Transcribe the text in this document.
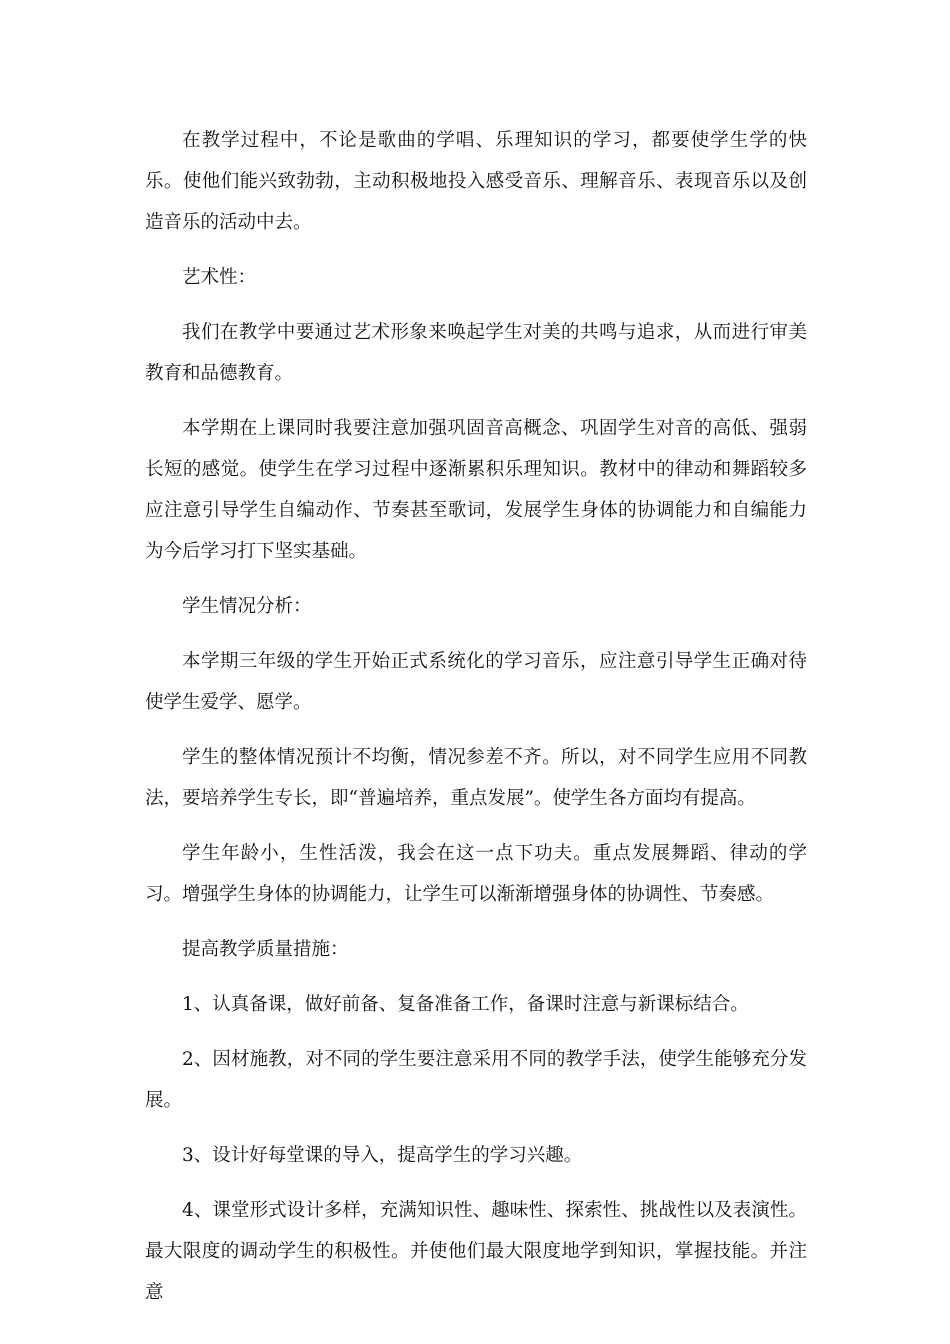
在教学过程中，不论是歌曲的学唱、乐理知识的学习，都要使学生学的快乐。使他们能兴致勃勃，主动积极地投入感受音乐、理解音乐、表现音乐以及创造音乐的活动中去。

艺术性：

我们在教学中要通过艺术形象来唤起学生对美的共鸣与追求，从而进行审美教育和品德教育。

本学期在上课同时我要注意加强巩固音高概念、巩固学生对音的高低、强弱长短的感觉。使学生在学习过程中逐渐累积乐理知识。教材中的律动和舞蹈较多应注意引导学生自编动作、节奏甚至歌词，发展学生身体的协调能力和自编能力为今后学习打下坚实基础。

学生情况分析：

本学期三年级的学生开始正式系统化的学习音乐，应注意引导学生正确对待使学生爱学、愿学。

学生的整体情况预计不均衡，情况参差不齐。所以，对不同学生应用不同教法，要培养学生专长，即“普遍培养，重点发展”。使学生各方面均有提高。

学生年龄小，生性活泼，我会在这一点下功夫。重点发展舞蹈、律动的学习。增强学生身体的协调能力，让学生可以渐渐增强身体的协调性、节奏感。

提高教学质量措施：

1、认真备课，做好前备、复备准备工作，备课时注意与新课标结合。

2、因材施教，对不同的学生要注意采用不同的教学手法，使学生能够充分发展。

3、设计好每堂课的导入，提高学生的学习兴趣。

4、课堂形式设计多样，充满知识性、趣味性、探索性、挑战性以及表演性。最大限度的调动学生的积极性。并使他们最大限度地学到知识，掌握技能。并注意
